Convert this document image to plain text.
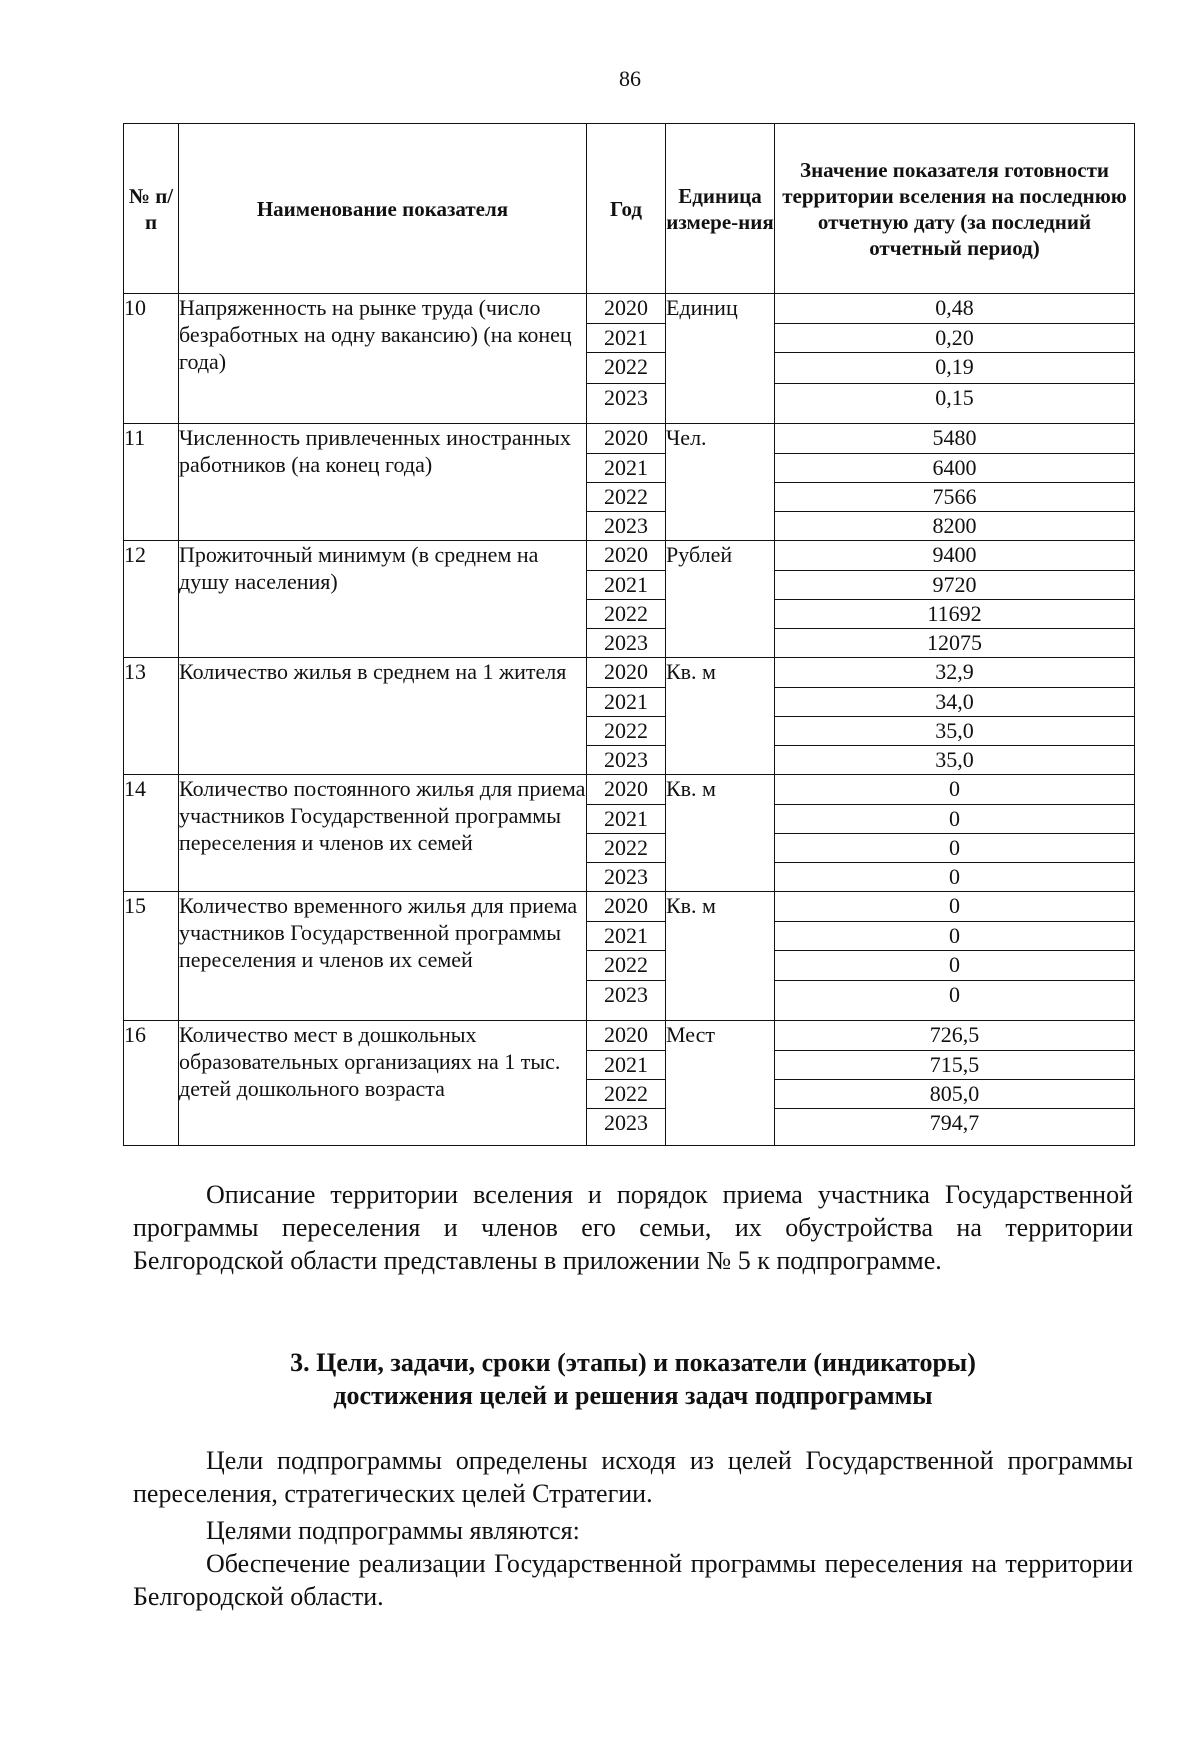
86
№ п/п	Наименование показателя	Год	Единица измере-ния	Значение показателя готовности территории вселения на последнюю отчетную дату (за последний отчетный период)
10	Напряженность на рынке труда (число безработных на одну вакансию) (на конец года)	2020	Единиц	0,48
		2021		0,20
		2022		0,19
		2023		0,15
11	Численность привлеченных иностранных работников (на конец года)	2020	Чел.	5480
		2021		6400
		2022		7566
		2023		8200
12	Прожиточный минимум (в среднем на душу населения)	2020	Рублей	9400
		2021		9720
		2022		11692
		2023		12075
13	Количество жилья в среднем на 1 жителя	2020	Кв. м	32,9
		2021		34,0
		2022		35,0
		2023		35,0
14	Количество постоянного жилья для приема участников Государственной программы переселения и членов их семей	2020	Кв. м	0
		2021		0
		2022		0
		2023		0
15	Количество временного жилья для приема участников Государственной программы переселения и членов их семей	2020	Кв. м	0
		2021		0
		2022		0
		2023		0
16	Количество мест в дошкольных образовательных организациях на 1 тыс. детей дошкольного возраста	2020	Мест	726,5
		2021		715,5
		2022		805,0
		2023		794,7

Описание территории вселения и порядок приема участника Государственной программы переселения и членов его семьи, их обустройства на территории Белгородской области представлены в приложении № 5 к подпрограмме.

3. Цели, задачи, сроки (этапы) и показатели (индикаторы)
достижения целей и решения задач подпрограммы

Цели подпрограммы определены исходя из целей Государственной программы переселения, стратегических целей Стратегии.

Целями подпрограммы являются:

Обеспечение реализации Государственной программы переселения на территории Белгородской области.
